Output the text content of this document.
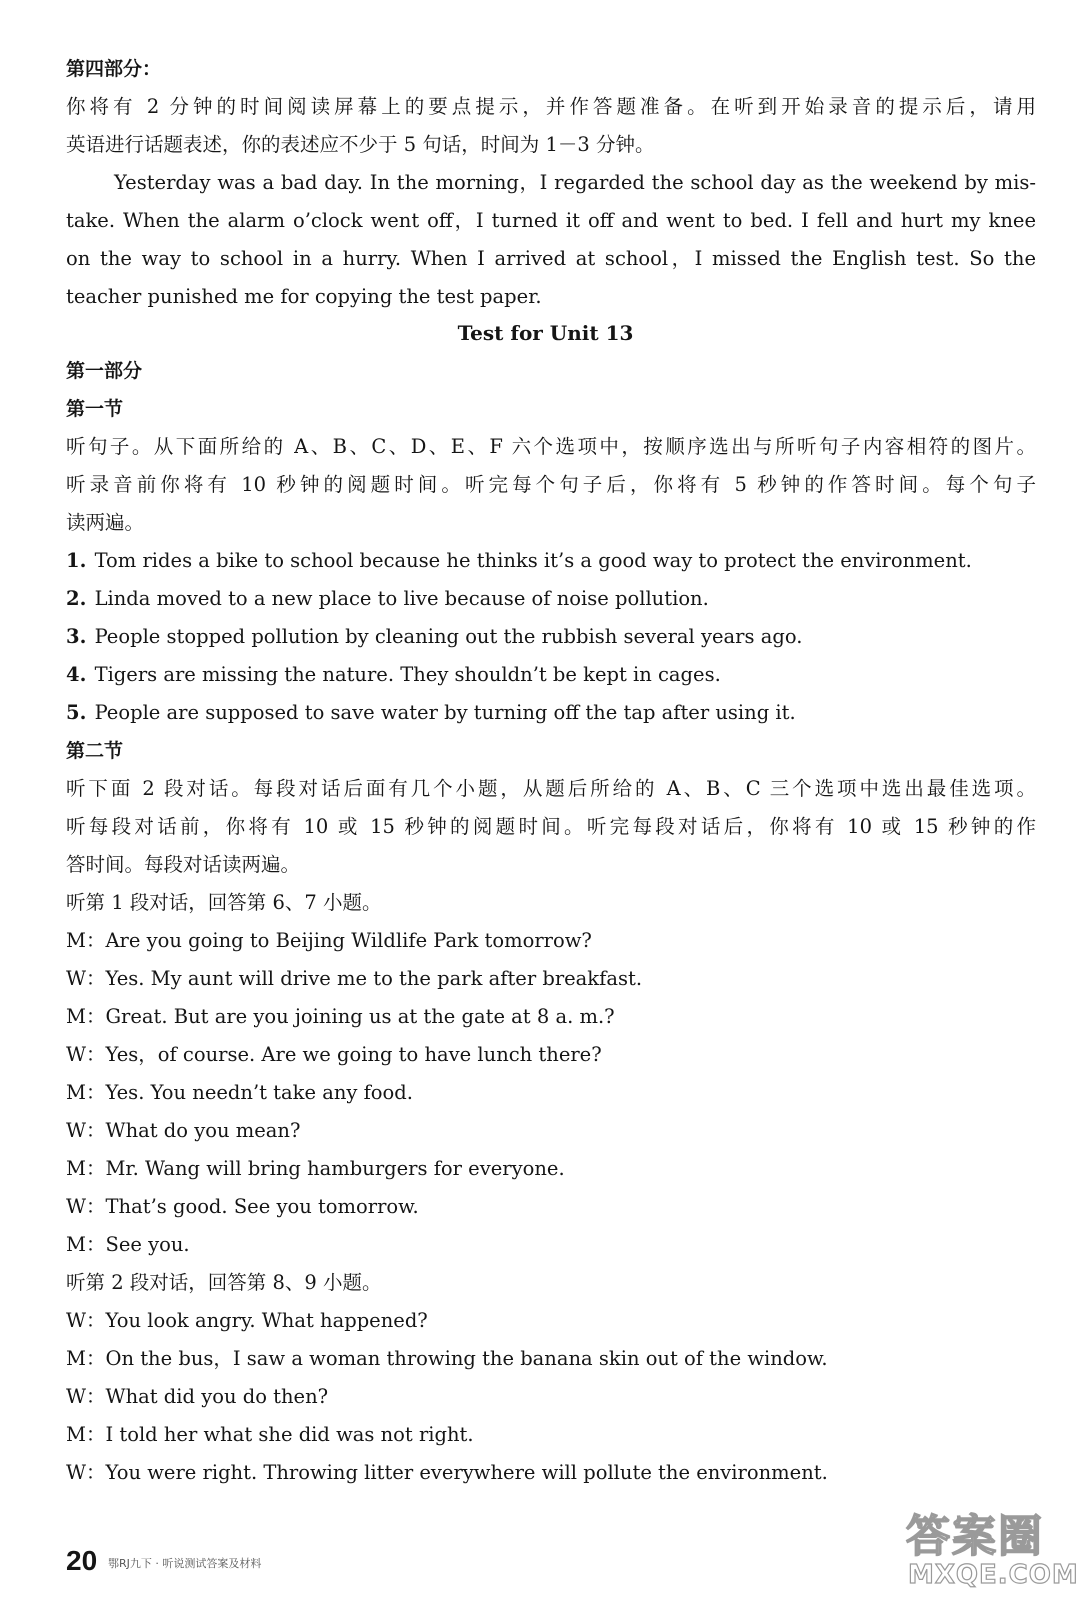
第四部分：
你将有 2 分钟的时间阅读屏幕上的要点提示，并作答题准备。在听到开始录音的提示后，请用
英语进行话题表述，你的表述应不少于 5 句话，时间为 1－3 分钟。
Yesterday was a bad day. In the morning，I regarded the school day as the weekend by mis-
take. When the alarm o’clock went off，I turned it off and went to bed. I fell and hurt my knee
on the way to school in a hurry. When I arrived at school，I missed the English test. So the
teacher punished me for copying the test paper.
Test for Unit 13
第一部分
第一节
听句子。从下面所给的 A、B、C、D、E、F 六个选项中，按顺序选出与所听句子内容相符的图片。
听录音前你将有 10 秒钟的阅题时间。听完每个句子后，你将有 5 秒钟的作答时间。每个句子
读两遍。
1. Tom rides a bike to school because he thinks it’s a good way to protect the environment.
2. Linda moved to a new place to live because of noise pollution.
3. People stopped pollution by cleaning out the rubbish several years ago.
4. Tigers are missing the nature. They shouldn’t be kept in cages.
5. People are supposed to save water by turning off the tap after using it.
第二节
听下面 2 段对话。每段对话后面有几个小题，从题后所给的 A、B、C 三个选项中选出最佳选项。
听每段对话前，你将有 10 或 15 秒钟的阅题时间。听完每段对话后，你将有 10 或 15 秒钟的作
答时间。每段对话读两遍。
听第 1 段对话，回答第 6、7 小题。
M：Are you going to Beijing Wildlife Park tomorrow?
W：Yes. My aunt will drive me to the park after breakfast.
M：Great. But are you joining us at the gate at 8 a. m.?
W：Yes，of course. Are we going to have lunch there?
M：Yes. You needn’t take any food.
W：What do you mean?
M：Mr. Wang will bring hamburgers for everyone.
W：That’s good. See you tomorrow.
M：See you.
听第 2 段对话，回答第 8、9 小题。
W：You look angry. What happened?
M：On the bus，I saw a woman throwing the banana skin out of the window.
W：What did you do then?
M：I told her what she did was not right.
W：You were right. Throwing litter everywhere will pollute the environment.
20 鄂RJ九下 · 听说测试答案及材料
答案圈
MXQE.COM
